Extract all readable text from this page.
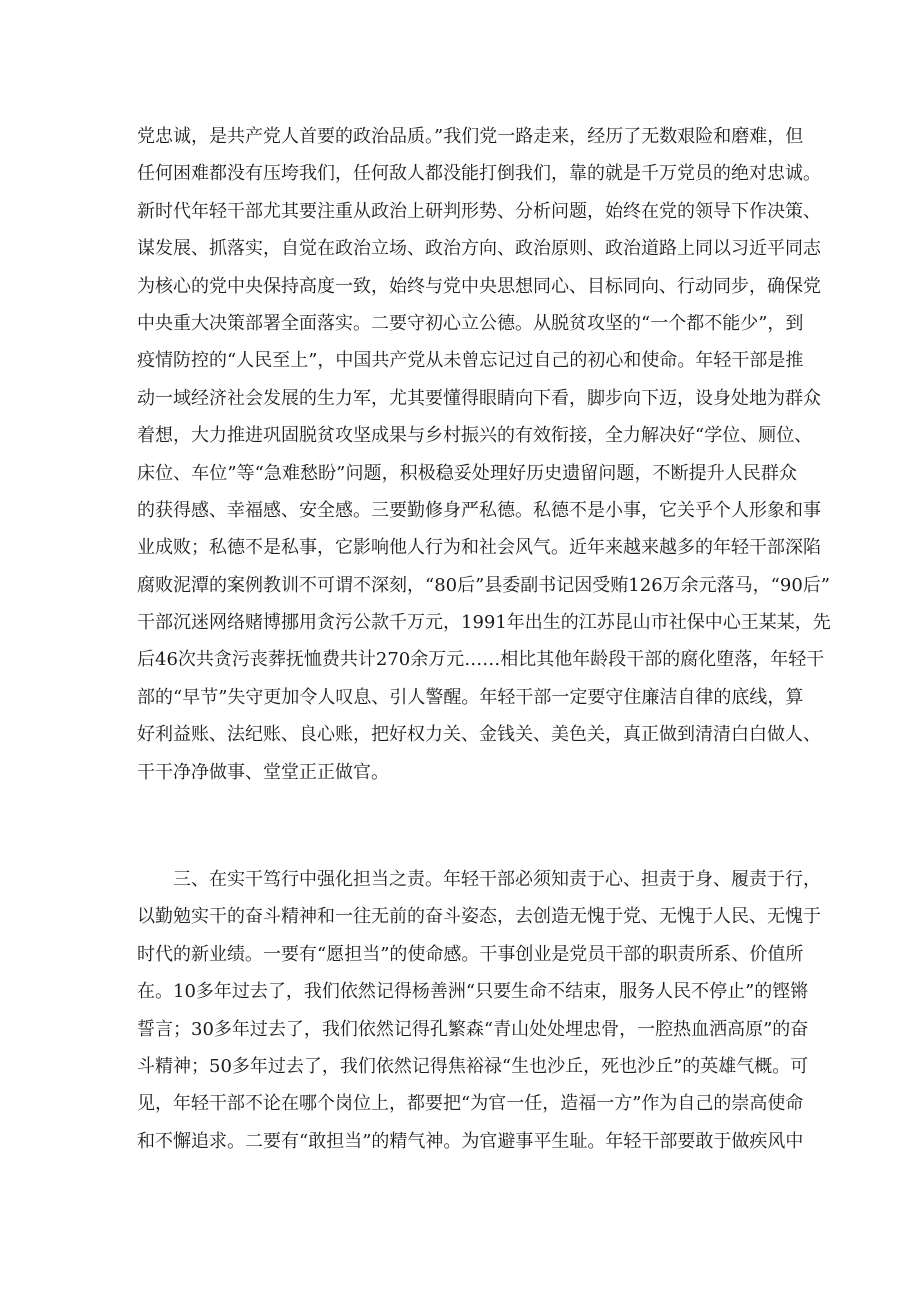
党忠诚，是共产党人首要的政治品质。”我们党一路走来，经历了无数艰险和磨难，但
任何困难都没有压垮我们，任何敌人都没能打倒我们，靠的就是千万党员的绝对忠诚。
新时代年轻干部尤其要注重从政治上研判形势、分析问题，始终在党的领导下作决策、
谋发展、抓落实，自觉在政治立场、政治方向、政治原则、政治道路上同以习近平同志
为核心的党中央保持高度一致，始终与党中央思想同心、目标同向、行动同步，确保党
中央重大决策部署全面落实。二要守初心立公德。从脱贫攻坚的“一个都不能少”，到
疫情防控的“人民至上”，中国共产党从未曾忘记过自己的初心和使命。年轻干部是推
动一域经济社会发展的生力军，尤其要懂得眼睛向下看，脚步向下迈，设身处地为群众
着想，大力推进巩固脱贫攻坚成果与乡村振兴的有效衔接，全力解决好“学位、厕位、
床位、车位”等“急难愁盼”问题，积极稳妥处理好历史遗留问题，不断提升人民群众
的获得感、幸福感、安全感。三要勤修身严私德。私德不是小事，它关乎个人形象和事
业成败；私德不是私事，它影响他人行为和社会风气。近年来越来越多的年轻干部深陷
腐败泥潭的案例教训不可谓不深刻，“80后”县委副书记因受贿126万余元落马，“90后”
干部沉迷网络赌博挪用贪污公款千万元，1991年出生的江苏昆山市社保中心王某某，先
后46次共贪污丧葬抚恤费共计270余万元……相比其他年龄段干部的腐化堕落，年轻干
部的“早节”失守更加令人叹息、引人警醒。年轻干部一定要守住廉洁自律的底线，算
好利益账、法纪账、良心账，把好权力关、金钱关、美色关，真正做到清清白白做人、
干干净净做事、堂堂正正做官。
三、在实干笃行中强化担当之责。年轻干部必须知责于心、担责于身、履责于行，
以勤勉实干的奋斗精神和一往无前的奋斗姿态，去创造无愧于党、无愧于人民、无愧于
时代的新业绩。一要有“愿担当”的使命感。干事创业是党员干部的职责所系、价值所
在。10多年过去了，我们依然记得杨善洲“只要生命不结束，服务人民不停止”的铿锵
誓言；30多年过去了，我们依然记得孔繁森“青山处处埋忠骨，一腔热血洒高原”的奋
斗精神；50多年过去了，我们依然记得焦裕禄“生也沙丘，死也沙丘”的英雄气概。可
见，年轻干部不论在哪个岗位上，都要把“为官一任，造福一方”作为自己的崇高使命
和不懈追求。二要有“敢担当”的精气神。为官避事平生耻。年轻干部要敢于做疾风中
